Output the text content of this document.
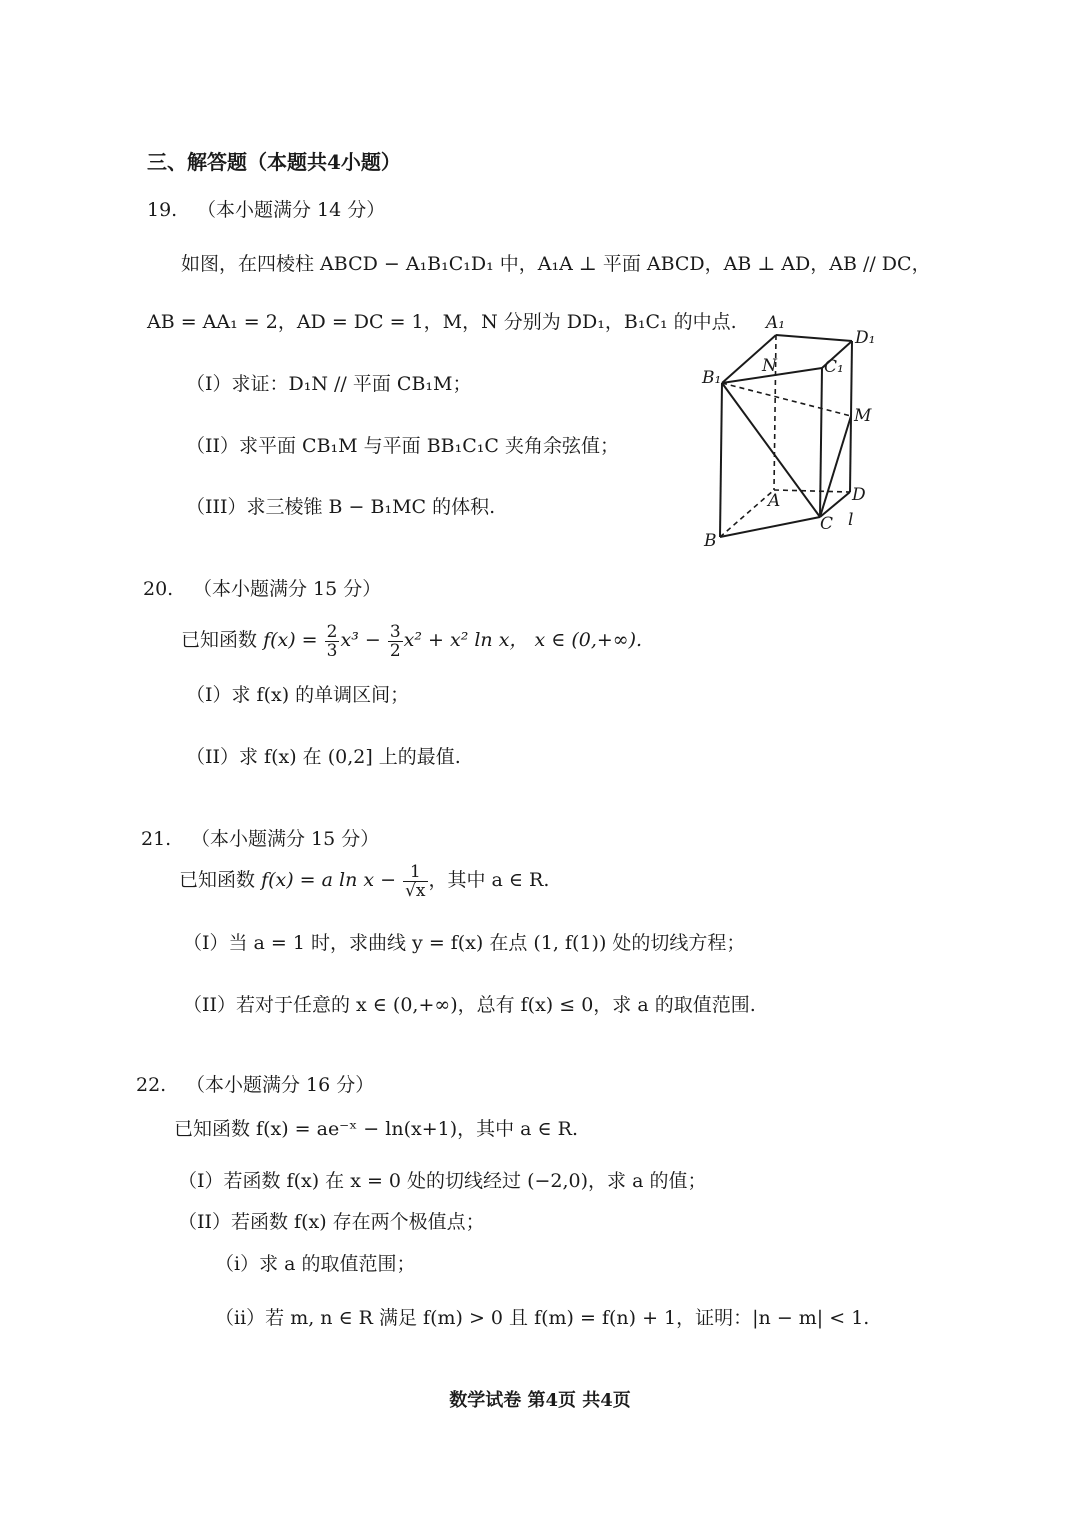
三、解答题（本题共4小题）
19. （本小题满分 14 分）
如图，在四棱柱 ABCD − A₁B₁C₁D₁ 中，A₁A ⊥ 平面 ABCD，AB ⊥ AD，AB // DC，
AB = AA₁ = 2，AD = DC = 1，M，N 分别为 DD₁，B₁C₁ 的中点.
（I）求证：D₁N // 平面 CB₁M；
（II）求平面 CB₁M 与平面 BB₁C₁C 夹角余弦值；
（III）求三棱锥 B − B₁MC 的体积.
A₁
D₁
B₁
C₁
N
M
A	D
C
B
l
20. （本小题满分 15 分）
已知函数 $f(x) = \frac{2}{3} x^3 - \frac{3}{2} x^2 + x^2$ ln x， x ∈ (0,+∞).
（I）求 f(x) 的单调区间；
（II）求 f(x) 在 (0,2] 上的最值.
21. （本小题满分 15 分）
已知函数 f(x) = a $\ln x - \frac{1}{√x}$ ，其中 a ∈ R.
（I）当 a = 1 时，求曲线 y = f(x) 在点 (1, f(1)) 处的切线方程；
（II）若对于任意的 x ∈ (0,+∞)，总有 f(x) ≤ 0，求 a 的取值范围.
22. （本小题满分 16 分）
已知函数 f(x) = ae⁻ˣ − ln(x+1)，其中 a ∈ R.
（I）若函数 f(x) 在 x = 0 处的切线经过 (−2,0)，求 a 的值；
（II）若函数 f(x) 存在两个极值点；
（i）求 a 的取值范围；
（ii）若 m, n ∈ R 满足 f(m) > 0 且 f(m) = f(n) + 1，证明：|n − m| < 1.
数学试卷 第4页 共4页
